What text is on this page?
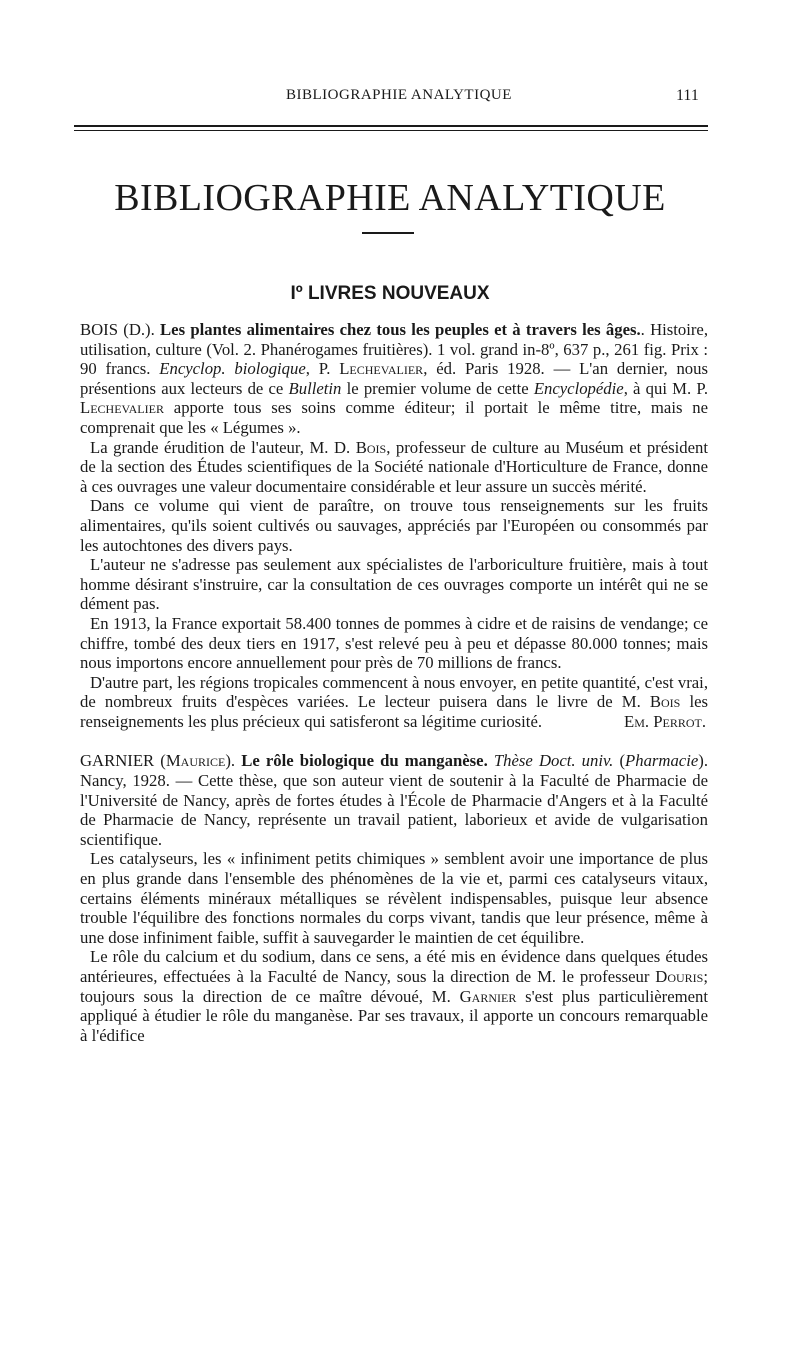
BIBLIOGRAPHIE ANALYTIQUE	111
BIBLIOGRAPHIE ANALYTIQUE
Iº LIVRES NOUVEAUX

BOIS (D.). Les plantes alimentaires chez tous les peuples et à travers les âges.. Histoire, utilisation, culture (Vol. 2. Phanérogames fruitières). 1 vol. grand in-8º, 637 p., 261 fig. Prix : 90 francs. Encyclop. biologique, P. Lechevalier, éd. Paris 1928. — L'an dernier, nous présentions aux lecteurs de ce Bulletin le premier volume de cette Encyclopédie, à qui M. P. Lechevalier apporte tous ses soins comme éditeur; il portait le même titre, mais ne comprenait que les « Légumes ».

La grande érudition de l'auteur, M. D. Bois, professeur de culture au Muséum et président de la section des Études scientifiques de la Société nationale d'Horticulture de France, donne à ces ouvrages une valeur documentaire considérable et leur assure un succès mérité.

Dans ce volume qui vient de paraître, on trouve tous renseignements sur les fruits alimentaires, qu'ils soient cultivés ou sauvages, appréciés par l'Européen ou consommés par les autochtones des divers pays.

L'auteur ne s'adresse pas seulement aux spécialistes de l'arboriculture fruitière, mais à tout homme désirant s'instruire, car la consultation de ces ouvrages comporte un intérêt qui ne se dément pas.

En 1913, la France exportait 58.400 tonnes de pommes à cidre et de raisins de vendange; ce chiffre, tombé des deux tiers en 1917, s'est relevé peu à peu et dépasse 80.000 tonnes; mais nous importons encore annuellement pour près de 70 millions de francs.

D'autre part, les régions tropicales commencent à nous envoyer, en petite quantité, c'est vrai, de nombreux fruits d'espèces variées. Le lecteur puisera dans le livre de M. Bois les renseignements les plus précieux qui satisferont sa légitime curiosité.	Em. Perrot.

GARNIER (Maurice). Le rôle biologique du manganèse. Thèse Doct. univ. (Pharmacie). Nancy, 1928. — Cette thèse, que son auteur vient de soutenir à la Faculté de Pharmacie de l'Université de Nancy, après de fortes études à l'École de Pharmacie d'Angers et à la Faculté de Pharmacie de Nancy, représente un travail patient, laborieux et avide de vulgarisation scientifique.

Les catalyseurs, les « infiniment petits chimiques » semblent avoir une importance de plus en plus grande dans l'ensemble des phénomènes de la vie et, parmi ces catalyseurs vitaux, certains éléments minéraux métalliques se révèlent indispensables, puisque leur absence trouble l'équilibre des fonctions normales du corps vivant, tandis que leur présence, même à une dose infiniment faible, suffit à sauvegarder le maintien de cet équilibre.

Le rôle du calcium et du sodium, dans ce sens, a été mis en évidence dans quelques études antérieures, effectuées à la Faculté de Nancy, sous la direction de M. le professeur Douris; toujours sous la direction de ce maître dévoué, M. Garnier s'est plus particulièrement appliqué à étudier le rôle du manganèse. Par ses travaux, il apporte un concours remarquable à l'édifice
